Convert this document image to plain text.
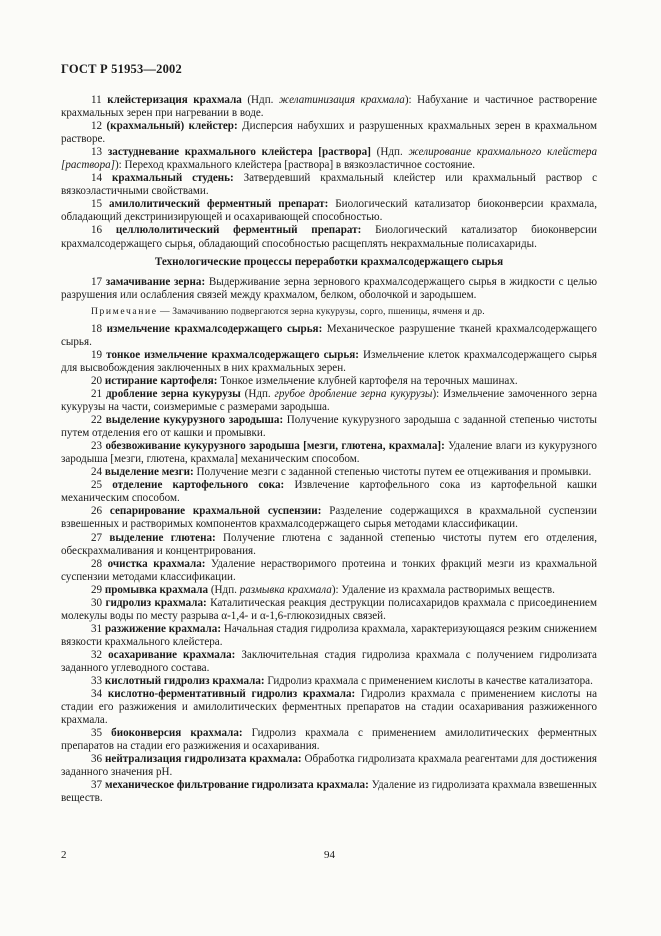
ГОСТ Р 51953—2002

11 клейстеризация крахмала (Ндп. желатинизация крахмала): Набухание и частичное растворение крахмальных зерен при нагревании в воде.

12 (крахмальный) клейстер: Дисперсия набухших и разрушенных крахмальных зерен в крахмальном растворе.

13 застудневание крахмального клейстера [раствора] (Ндп. желирование крахмального клейстера [раствора]): Переход крахмального клейстера [раствора] в вязкоэластичное состояние.

14 крахмальный студень: Затвердевший крахмальный клейстер или крахмальный раствор с вязкоэластичными свойствами.

15 амилолитический ферментный препарат: Биологический катализатор биоконверсии крахмала, обладающий декстринизирующей и осахаривающей способностью.

16 целлюлолитический ферментный препарат: Биологический катализатор биоконверсии крахмалсодержащего сырья, обладающий способностью расщеплять некрахмальные полисахариды.

Технологические процессы переработки крахмалсодержащего сырья

17 замачивание зерна: Выдерживание зерна зернового крахмалсодержащего сырья в жидкости с целью разрушения или ослабления связей между крахмалом, белком, оболочкой и зародышем.

Примечание — Замачиванию подвергаются зерна кукурузы, сорго, пшеницы, ячменя и др.

18 измельчение крахмалсодержащего сырья: Механическое разрушение тканей крахмалсодержащего сырья.

19 тонкое измельчение крахмалсодержащего сырья: Измельчение клеток крахмалсодержащего сырья для высвобождения заключенных в них крахмальных зерен.

20 истирание картофеля: Тонкое измельчение клубней картофеля на терочных машинах.

21 дробление зерна кукурузы (Ндп. грубое дробление зерна кукурузы): Измельчение замоченного зерна кукурузы на части, соизмеримые с размерами зародыша.

22 выделение кукурузного зародыша: Получение кукурузного зародыша с заданной степенью чистоты путем отделения его от кашки и промывки.

23 обезвоживание кукурузного зародыша [мезги, глютена, крахмала]: Удаление влаги из кукурузного зародыша [мезги, глютена, крахмала] механическим способом.

24 выделение мезги: Получение мезги с заданной степенью чистоты путем ее отцеживания и промывки.

25 отделение картофельного сока: Извлечение картофельного сока из картофельной кашки механическим способом.

26 сепарирование крахмальной суспензии: Разделение содержащихся в крахмальной суспензии взвешенных и растворимых компонентов крахмалсодержащего сырья методами классификации.

27 выделение глютена: Получение глютена с заданной степенью чистоты путем его отделения, обескрахмаливания и концентрирования.

28 очистка крахмала: Удаление нерастворимого протеина и тонких фракций мезги из крахмальной суспензии методами классификации.

29 промывка крахмала (Ндп. размывка крахмала): Удаление из крахмала растворимых веществ.

30 гидролиз крахмала: Каталитическая реакция деструкции полисахаридов крахмала с присоединением молекулы воды по месту разрыва α-1,4- и α-1,6-глюкозидных связей.

31 разжижение крахмала: Начальная стадия гидролиза крахмала, характеризующаяся резким снижением вязкости крахмального клейстера.

32 осахаривание крахмала: Заключительная стадия гидролиза крахмала с получением гидролизата заданного углеводного состава.

33 кислотный гидролиз крахмала: Гидролиз крахмала с применением кислоты в качестве катализатора.

34 кислотно-ферментативный гидролиз крахмала: Гидролиз крахмала с применением кислоты на стадии его разжижения и амилолитических ферментных препаратов на стадии осахаривания разжиженного крахмала.

35 биоконверсия крахмала: Гидролиз крахмала с применением амилолитических ферментных препаратов на стадии его разжижения и осахаривания.

36 нейтрализация гидролизата крахмала: Обработка гидролизата крахмала реагентами для достижения заданного значения pH.

37 механическое фильтрование гидролизата крахмала: Удаление из гидролизата крахмала взвешенных веществ.

2	94
